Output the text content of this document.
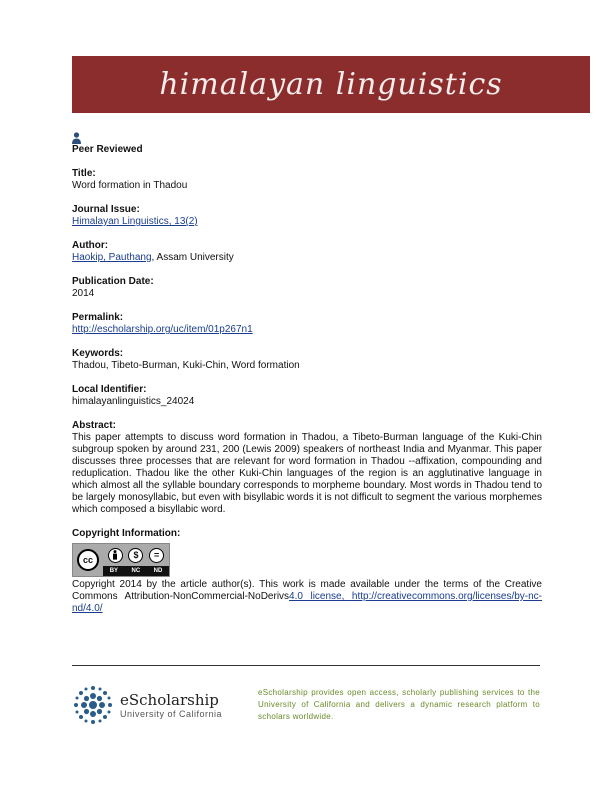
himalayan linguistics
Peer Reviewed
Title:
Word formation in Thadou
Journal Issue:
Himalayan Linguistics, 13(2)
Author:
Haokip, Pauthang, Assam University
Publication Date:
2014
Permalink:
http://escholarship.org/uc/item/01p267n1
Keywords:
Thadou, Tibeto-Burman, Kuki-Chin, Word formation
Local Identifier:
himalayanlinguistics_24024
Abstract:
This paper attempts to discuss word formation in Thadou, a Tibeto-Burman language of the Kuki-Chin subgroup spoken by around 231, 200 (Lewis 2009) speakers of northeast India and Myanmar. This paper discusses three processes that are relevant for word formation in Thadou --affixation, compounding and reduplication. Thadou like the other Kuki-Chin languages of the region is an agglutinative language in which almost all the syllable boundary corresponds to morpheme boundary. Most words in Thadou tend to be largely monosyllabic, but even with bisyllabic words it is not difficult to segment the various morphemes which composed a bisyllabic word.
Copyright Information:
cc	$	=
BY NC ND
Copyright 2014 by the article author(s). This work is made available under the terms of the Creative Commons Attribution-NonCommercial-NoDerivs4.0 license, http://creativecommons.org/licenses/by-nc-nd/4.0/
eScholarship
University of California
eScholarship provides open access, scholarly publishing services to the University of California and delivers a dynamic research platform to scholars worldwide.
